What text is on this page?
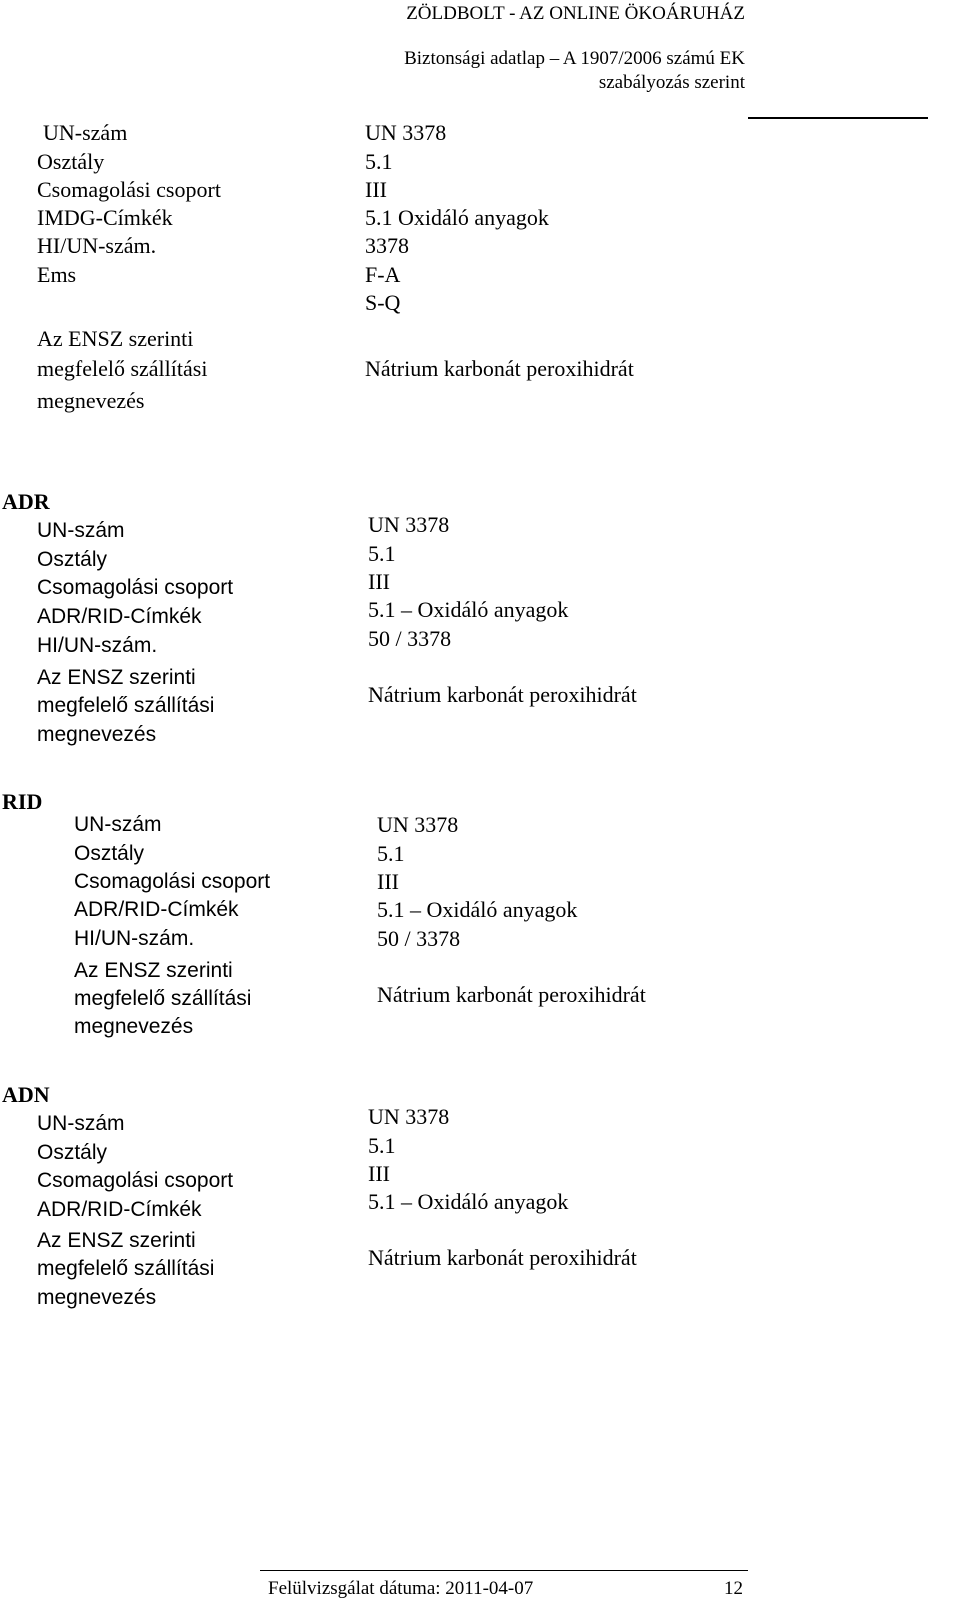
ZÖLDBOLT - AZ ONLINE ÖKOÁRUHÁZ
Biztonsági adatlap – A 1907/2006 számú EK
szabályozás szerint
UN-szám	UN 3378
Osztály	5.1
Csomagolási csoport	III
IMDG-Címkék	5.1 Oxidáló anyagok
HI/UN-szám.	3378
Ems	F-A
S-Q
Az ENSZ szerinti
megfelelő szállítási
megnevezés
Nátrium karbonát peroxihidrát
ADR
UN-szám	UN 3378
Osztály	5.1
Csomagolási csoport	III
ADR/RID-Címkék	5.1 – Oxidáló anyagok
HI/UN-szám.	50 / 3378
Az ENSZ szerinti
megfelelő szállítási
megnevezés
Nátrium karbonát peroxihidrát
RID
UN-szám	UN 3378
Osztály	5.1
Csomagolási csoport	III
ADR/RID-Címkék	5.1 – Oxidáló anyagok
HI/UN-szám.	50 / 3378
Az ENSZ szerinti
megfelelő szállítási
megnevezés
Nátrium karbonát peroxihidrát
ADN
UN-szám	UN 3378
Osztály	5.1
Csomagolási csoport	III
ADR/RID-Címkék	5.1 – Oxidáló anyagok
Az ENSZ szerinti
megfelelő szállítási
megnevezés
Nátrium karbonát peroxihidrát
Felülvizsgálat dátuma: 2011-04-07	12
